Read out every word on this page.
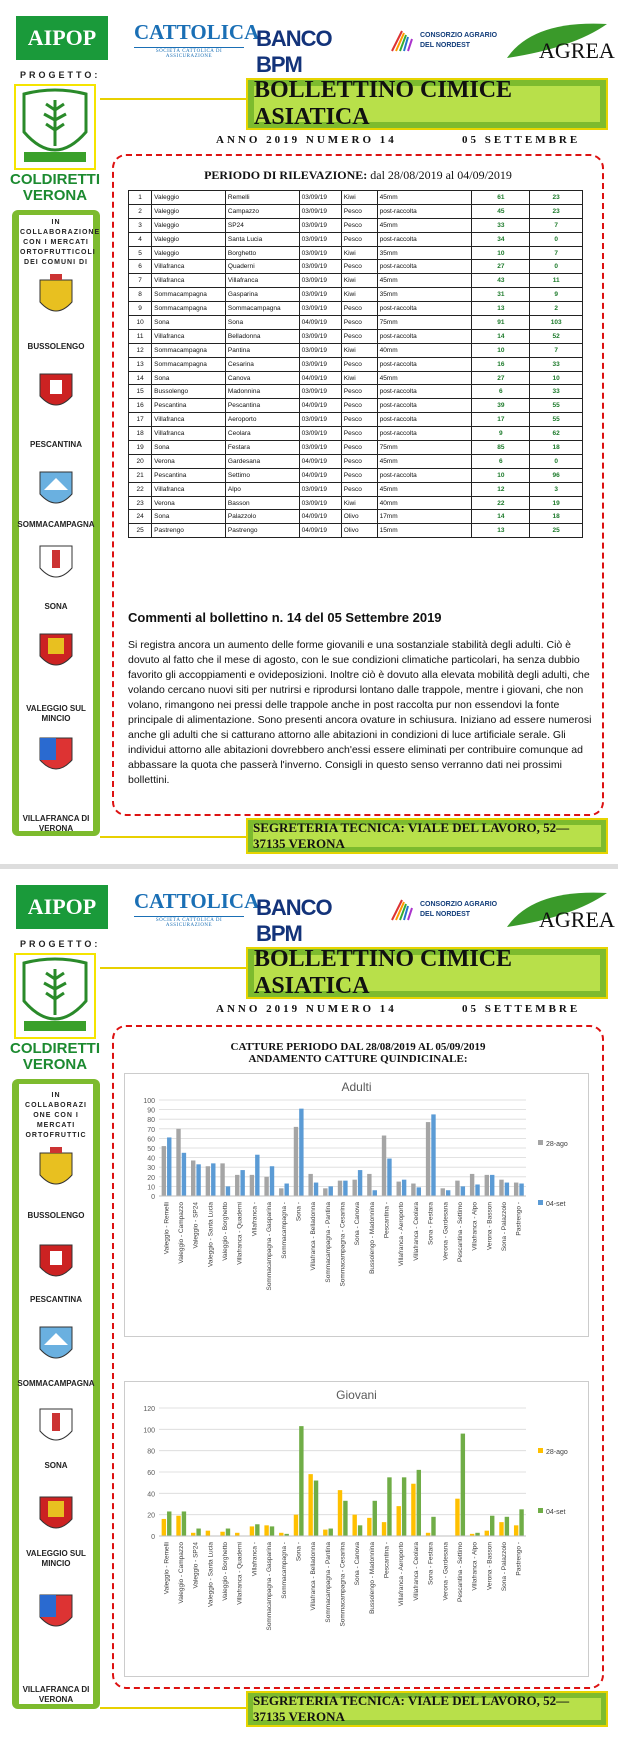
AIPOP CATTOLICA
SOCIETÀ CATTOLICA DI ASSICURAZIONE
BANCO BPM
CONSORZIO AGRARIO
DEL NORDEST	AGREA
PROGETTO:
COLDIRETTI
VERONA
IN
COLLABORAZIONE
CON I MERCATI
ORTOFRUTTICOLI
DEI COMUNI DI
BUSSOLENGO
PESCANTINA
SOMMACAMPAGNA
SONA
VALEGGIO SUL MINCIO
VILLAFRANCA DI VERONA
BOLLETTINO CIMICE ASIATICA
ANNO 2019 NUMERO 14	05 SETTEMBRE
PERIODO DI RILEVAZIONE: dal 28/08/2019 al 04/09/2019
1	Valeggio	Remelli	03/09/19	Kiwi	45mm	61	23
2	Valeggio	Campazzo	03/09/19	Pesco	post-raccolta	45	23
3	Valeggio	SP24	03/09/19	Pesco	45mm	33	7
4	Valeggio	Santa Lucia	03/09/19	Pesco	post-raccolta	34	0
5	Valeggio	Borghetto	03/09/19	Kiwi	35mm	10	7
6	Villafranca	Quaderni	03/09/19	Pesco	post-raccolta	27	0
7	Villafranca	Villafranca	03/09/19	Kiwi	45mm	43	11
8	Sommacampagna	Gasparina	03/09/19	Kiwi	35mm	31	9
9	Sommacampagna	Sommacampagna	03/09/19	Pesco	post-raccolta	13	2
10	Sona	Sona	04/09/19	Pesco	75mm	91	103
11	Villafranca	Belladonna	03/09/19	Pesco	post-raccolta	14	52
12	Sommacampagna	Pantina	03/09/19	Kiwi	40mm	10	7
13	Sommacampagna	Cesarina	03/09/19	Pesco	post-raccolta	16	33
14	Sona	Canova	04/09/19	Kiwi	45mm	27	10
15	Bussolengo	Madonnina	03/09/19	Pesco	post-raccolta	6	33
16	Pescantina	Pescantina	04/09/19	Pesco	post-raccolta	39	55
17	Villafranca	Aeroporto	03/09/19	Pesco	post-raccolta	17	55
18	Villafranca	Ceolara	03/09/19	Pesco	post-raccolta	9	62
19	Sona	Festara	03/09/19	Pesco	75mm	85	18
20	Verona	Gardesana	04/09/19	Pesco	45mm	6	0
21	Pescantina	Settimo	04/09/19	Pesco	post-raccolta	10	96
22	Villafranca	Alpo	03/09/19	Pesco	45mm	12	3
23	Verona	Basson	03/09/19	Kiwi	40mm	22	19
24	Sona	Palazzolo	04/09/19	Olivo	17mm	14	18
25	Pastrengo	Pastrengo	04/09/19	Olivo	15mm	13	25
Commenti al bollettino n. 14 del 05 Settembre 2019
Si registra ancora un aumento delle forme giovanili e una sostanziale stabilità degli adulti. Ciò è dovuto al fatto che il mese di agosto, con le sue condizioni climatiche particolari, ha senza dubbio favorito gli accoppiamenti e ovideposizioni. Inoltre ciò è dovuto alla elevata mobilità degli adulti, che volando cercano nuovi siti per nutrirsi e riprodursi lontano dalle trappole, mentre i giovani, che non volano, rimangono nei pressi delle trappole anche in post raccolta pur non essendovi la fonte principale di alimentazione. Sono presenti ancora ovature in schiusura. Iniziano ad essere numerosi anche gli adulti che si catturano attorno alle abitazioni in condizioni di luce artificiale serale. Gli individui attorno alle abitazioni dovrebbero anch'essi essere eliminati per contribuire comunque ad abbassare la quota che passerà l'inverno. Consigli in questo senso verranno dati nei prossimi bollettini.
SEGRETERIA TECNICA: VIALE DEL LAVORO, 52—37135 VERONA
AIPOP CATTOLICA
SOCIETÀ CATTOLICA DI ASSICURAZIONE
BANCO BPM
CONSORZIO AGRARIO
DEL NORDEST	AGREA
PROGETTO:
COLDIRETTI
VERONA
IN
COLLABORAZI
ONE CON I
MERCATI
ORTOFRUTTIC
BUSSOLENGO
PESCANTINA
SOMMACAMPAGNA
SONA
VALEGGIO SUL MINCIO
VILLAFRANCA DI VERONA
BOLLETTINO CIMICE ASIATICA
ANNO 2019 NUMERO 14	05 SETTEMBRE
CATTURE PERIODO DAL 28/08/2019 AL 05/09/2019
ANDAMENTO CATTURE QUINDICINALE:
Adulti
0
10
20
30
40
50
60
70
80
90
100
Valeggio - Remelli Valeggio - Campazzo Valeggio - SP24 Valeggio - Santa Lucia Valeggio - Borghetto Villafranca - Quaderni Villafranca - Sommacampagna - Gasparina Sommacampagna - Sona - Villafranca - Belladonna Sommacampagna - Pantina Sommacampagna - Cesarina Sona - Canova Bussolengo - Madonnina Pescantina - Villafranca - Aeroporto Villafranca - Ceolara Sona - Festara Verona - Gardesana Pescantina - Settimo Villafranca - Alpo Verona - Basson Sona - Palazzolo Pastrengo -
28-ago
04-set
Giovani
0
20
40
60
80
100
120
Valeggio - Remelli Valeggio - Campazzo Valeggio - SP24 Valeggio - Santa Lucia Valeggio - Borghetto Villafranca - Quaderni Villafranca - Sommacampagna - Gasparina Sommacampagna - Sona - Villafranca - Belladonna Sommacampagna - Pantina Sommacampagna - Cesarina Sona - Canova Bussolengo - Madonnina Pescantina - Villafranca - Aeroporto Villafranca - Ceolara Sona - Festara Verona - Gardesana Pescantina - Settimo Villafranca - Alpo Verona - Basson Sona - Palazzolo Pastrengo -
28-ago
04-set
SEGRETERIA TECNICA: VIALE DEL LAVORO, 52—37135 VERONA
